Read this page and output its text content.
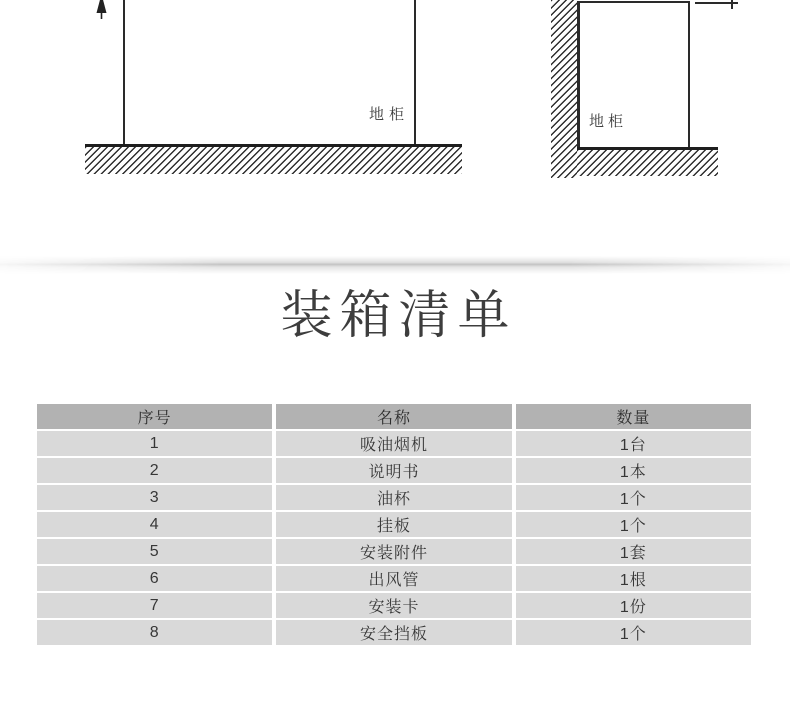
地柜	地柜
装箱清单
序号	名称	数量
1	吸油烟机	1台
2	说明书	1本
3	油杯	1个
4	挂板	1个
5	安装附件	1套
6	出风管	1根
7	安装卡	1份
8	安全挡板	1个
